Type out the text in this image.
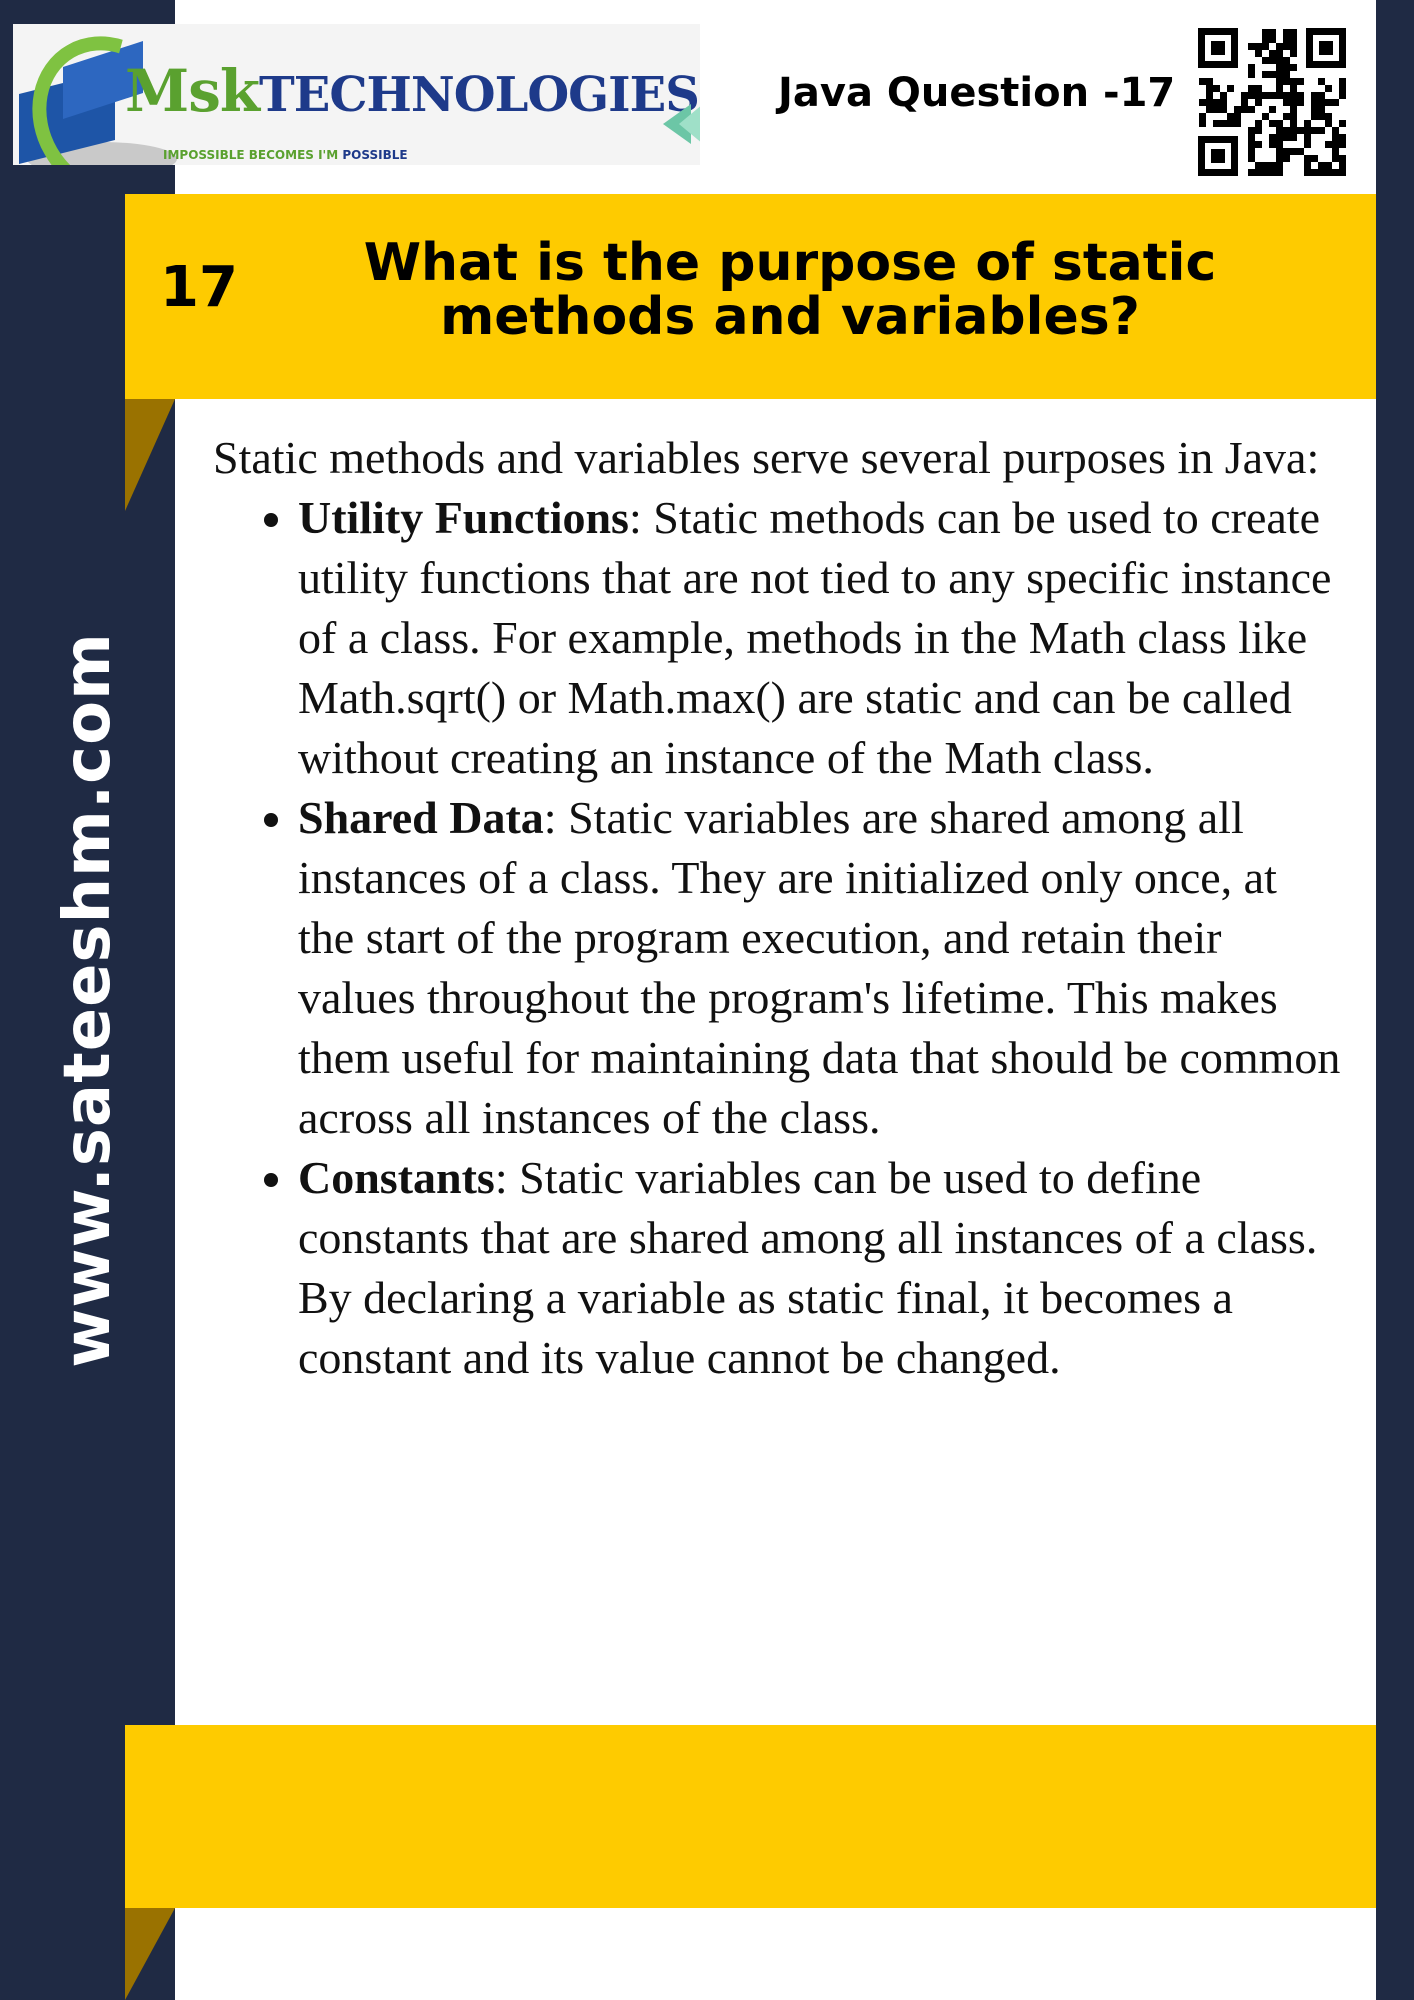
www.sateeshm.com
MskTECHNOLOGIES
IMPOSSIBLE BECOMES I'M POSSIBLE
Java Question -17
17	What is the purpose of static methods and variables?

Static methods and variables serve several purposes in Java:

• Utility Functions: Static methods can be used to create utility functions that are not tied to any specific instance of a class. For example, methods in the Math class like Math.sqrt() or Math.max() are static and can be called without creating an instance of the Math class.
• Shared Data: Static variables are shared among all instances of a class. They are initialized only once, at the start of the program execution, and retain their values throughout the program's lifetime. This makes them useful for maintaining data that should be common across all instances of the class.
• Constants: Static variables can be used to define constants that are shared among all instances of a class. By declaring a variable as static final, it becomes a constant and its value cannot be changed.
